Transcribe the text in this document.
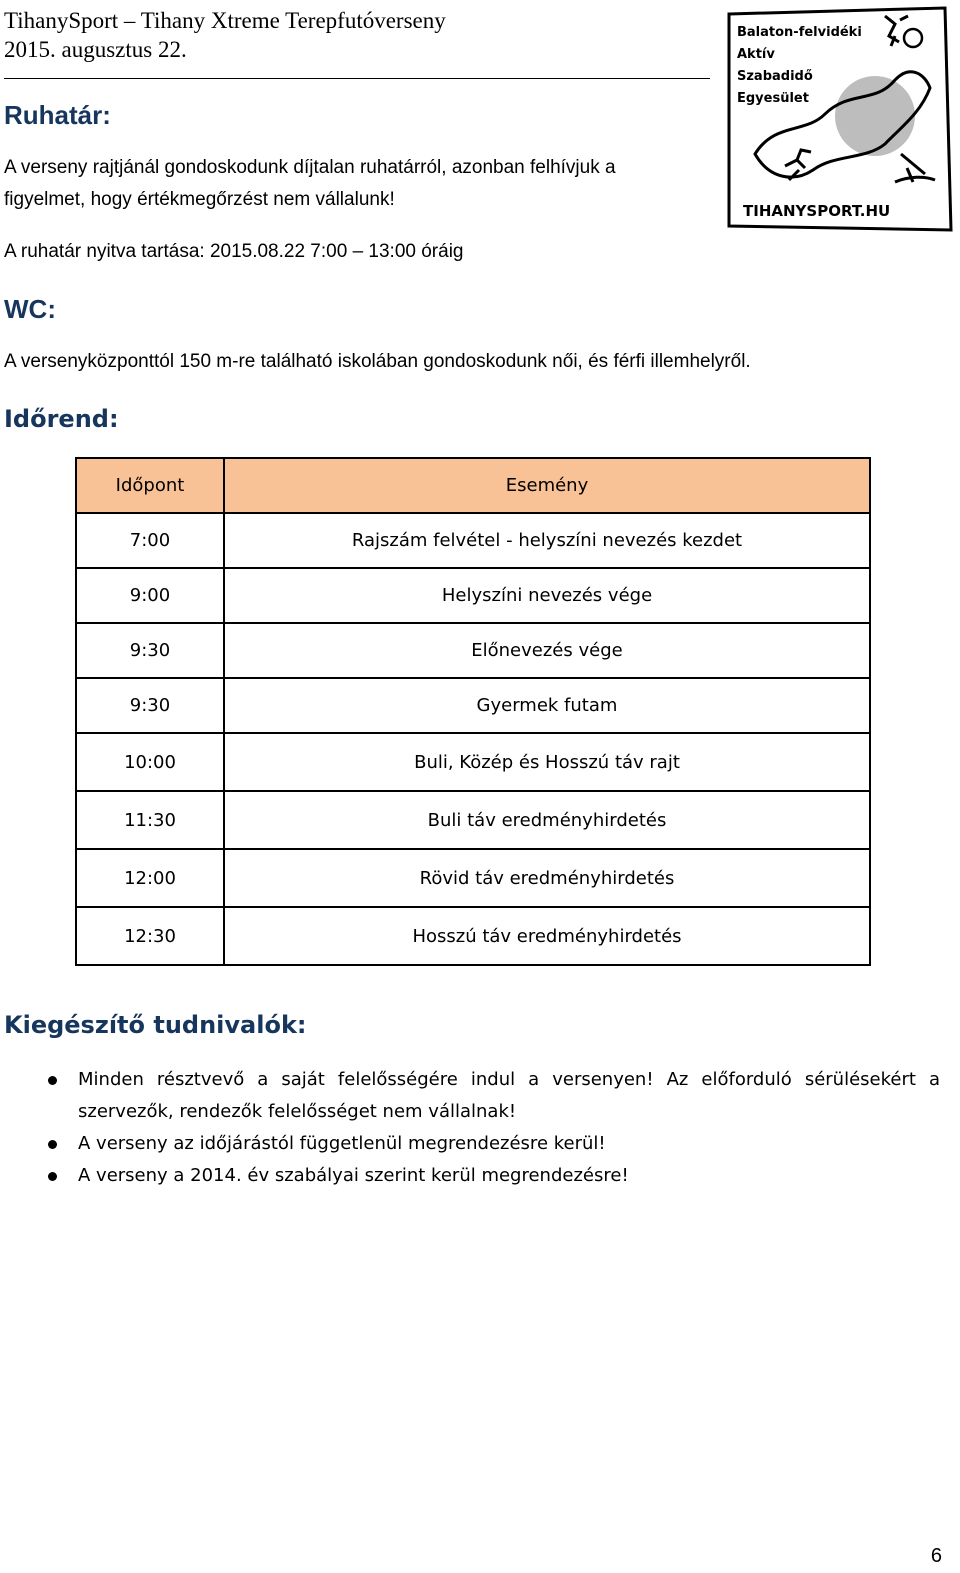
TihanySport – Tihany Xtreme Terepfutóverseny
2015. augusztus 22.
Balaton-felvidéki
Aktív
Szabadidő
Egyesület
TIHANYSPORT.HU
Ruhatár:
A verseny rajtjánál gondoskodunk díjtalan ruhatárról, azonban felhívjuk a
figyelmet, hogy értékmegőrzést nem vállalunk!
A ruhatár nyitva tartása: 2015.08.22 7:00 – 13:00 óráig
WC:
A versenyközponttól 150 m-re található iskolában gondoskodunk női, és férfi illemhelyről.
Időrend:
Időpont	Esemény
7:00	Rajszám felvétel - helyszíni nevezés kezdet
9:00	Helyszíni nevezés vége
9:30	Előnevezés vége
9:30	Gyermek futam
10:00	Buli, Közép és Hosszú táv rajt
11:30	Buli táv eredményhirdetés
12:00	Rövid táv eredményhirdetés
12:30	Hosszú táv eredményhirdetés
Kiegészítő tudnivalók:
Minden résztvevő a saját felelősségére indul a versenyen! Az előforduló sérülésekért a szervezők, rendezők felelősséget nem vállalnak!
A verseny az időjárástól függetlenül megrendezésre kerül!
A verseny a 2014. év szabályai szerint kerül megrendezésre!
6
